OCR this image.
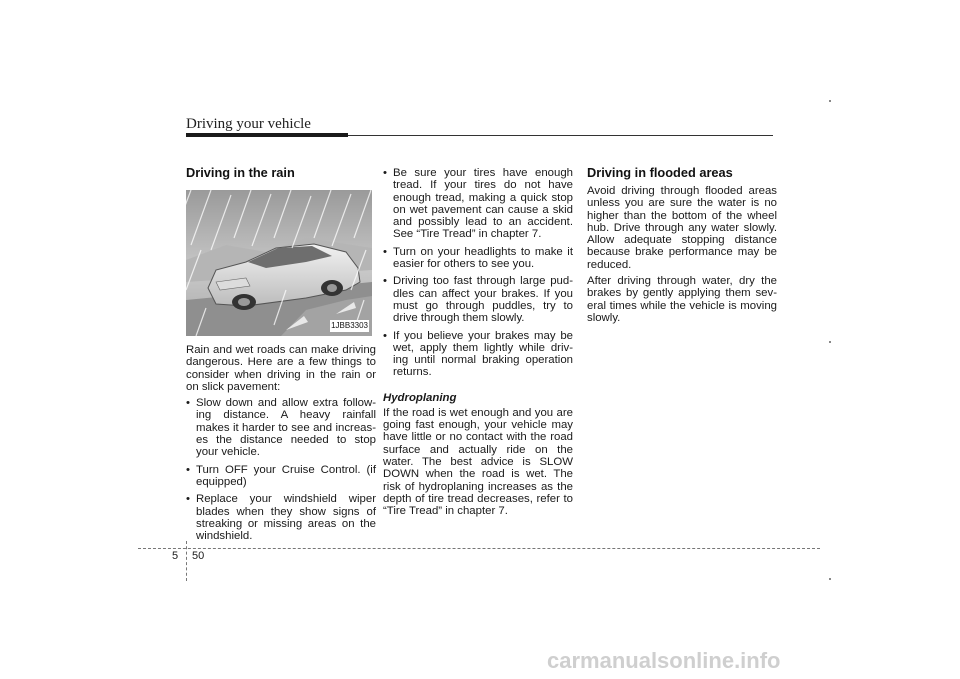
Driving your vehicle
Driving in the rain
1JBB3303

Rain and wet roads can make driving dangerous. Here are a few things to consider when driving in the rain or on slick pavement:

• Slow down and allow extra follow-ing distance. A heavy rainfall makes it harder to see and increas-es the distance needed to stop your vehicle.
• Turn OFF your Cruise Control. (if equipped)
• Replace your windshield wiper blades when they show signs of streaking or missing areas on the windshield.
• Be sure your tires have enough tread. If your tires do not have enough tread, making a quick stop on wet pavement can cause a skid and possibly lead to an accident. See “Tire Tread” in chapter 7.
• Turn on your headlights to make it easier for others to see you.
• Driving too fast through large pud-dles can affect your brakes. If you must go through puddles, try to drive through them slowly.
• If you believe your brakes may be wet, apply them lightly while driv-ing until normal braking operation returns.
Hydroplaning

If the road is wet enough and you are going fast enough, your vehicle may have little or no contact with the road surface and actually ride on the water. The best advice is SLOW DOWN when the road is wet. The risk of hydroplaning increases as the depth of tire tread decreases, refer to “Tire Tread” in chapter 7.

Driving in flooded areas

Avoid driving through flooded areas unless you are sure the water is no higher than the bottom of the wheel hub. Drive through any water slowly. Allow adequate stopping distance because brake performance may be reduced.

After driving through water, dry the brakes by gently applying them sev-eral times while the vehicle is moving slowly.

5 50
carmanualsonline.info
